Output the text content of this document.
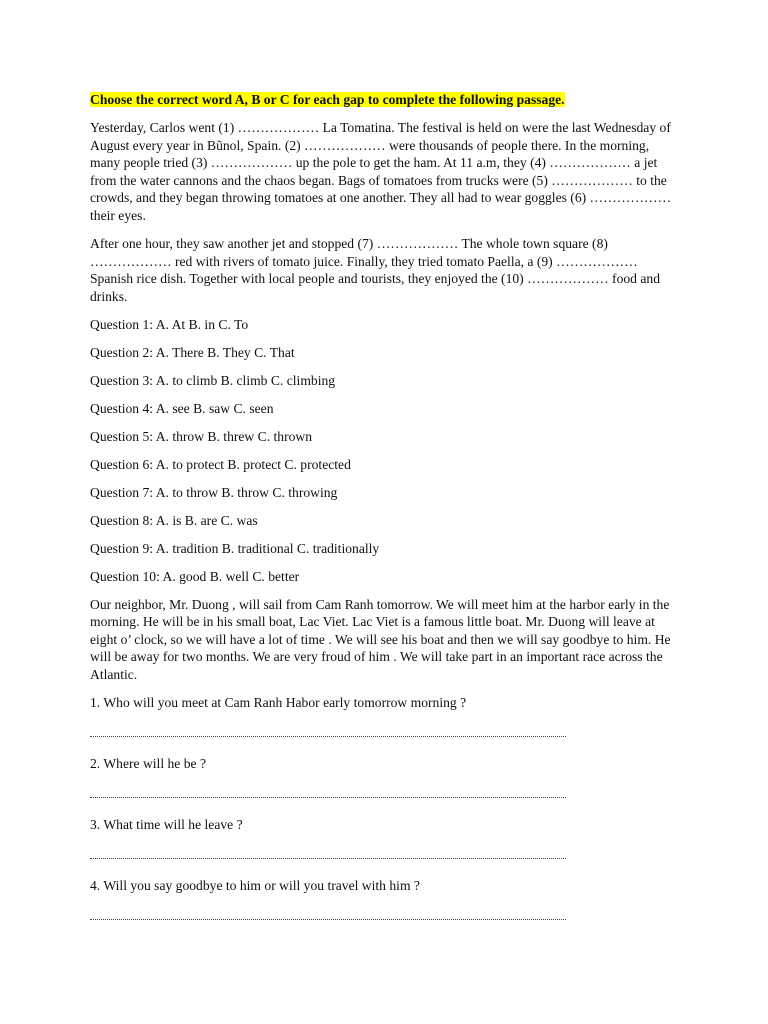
Choose the correct word A, B or C for each gap to complete the following passage.

Yesterday, Carlos went (1) ……………… La Tomatina. The festival is held on were the last Wednesday of August every year in Bũnol, Spain. (2) ……………… were thousands of people there. In the morning, many people tried (3) ……………… up the pole to get the ham. At 11 a.m, they (4) ……………… a jet from the water cannons and the chaos began. Bags of tomatoes from trucks were (5) ……………… to the crowds, and they began throwing tomatoes at one another. They all had to wear goggles (6) ……………… their eyes.

After one hour, they saw another jet and stopped (7) ……………… The whole town square (8) ……………… red with rivers of tomato juice. Finally, they tried tomato Paella, a (9) ……………… Spanish rice dish. Together with local people and tourists, they enjoyed the (10) ……………… food and drinks.

Question 1: A. At B. in C. To

Question 2: A. There B. They C. That

Question 3: A. to climb B. climb C. climbing

Question 4: A. see B. saw C. seen

Question 5: A. throw B. threw C. thrown

Question 6: A. to protect B. protect C. protected

Question 7: A. to throw B. throw C. throwing

Question 8: A. is B. are C. was

Question 9: A. tradition B. traditional C. traditionally

Question 10: A. good B. well C. better

Our neighbor, Mr. Duong , will sail from Cam Ranh tomorrow. We will meet him at the harbor early in the morning. He will be in his small boat, Lac Viet. Lac Viet is a famous little boat. Mr. Duong will leave at eight o’ clock, so we will have a lot of time . We will see his boat and then we will say goodbye to him. He will be away for two months. We are very froud of him . We will take part in an important race across the Atlantic.

1. Who will you meet at Cam Ranh Habor early tomorrow morning ?

2. Where will he be ?

3. What time will he leave ?

4. Will you say goodbye to him or will you travel with him ?
